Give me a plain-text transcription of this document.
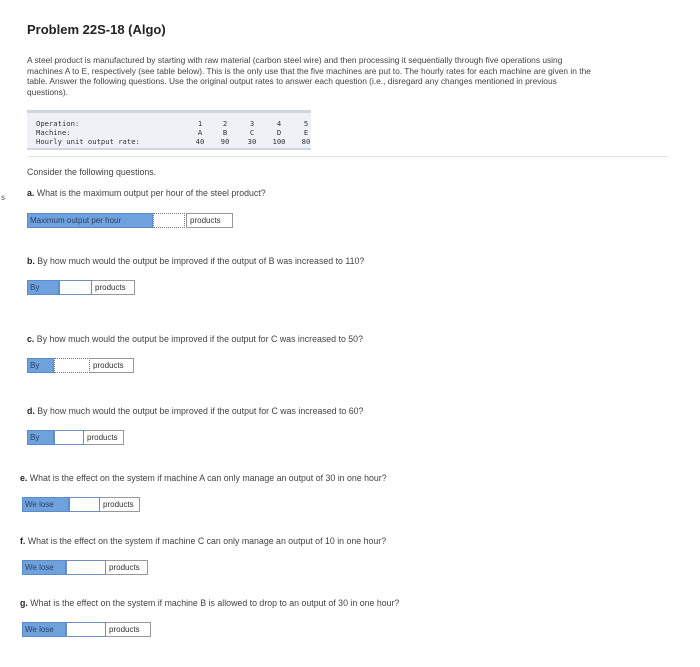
s
Problem 22S-18 (Algo)
A steel product is manufactured by starting with raw material (carbon steel wire) and then processing it sequentially through five operations using machines A to E, respectively (see table below). This is the only use that the five machines are put to. The hourly rates for each machine are given in the table. Answer the following questions. Use the original output rates to answer each question (i.e., disregard any changes mentioned in previous questions).
Operation:	1	2	3	4	5
Machine:	A	B	C	D	E
Hourly unit output rate:	40	90	30	100	80
Consider the following questions.
a. What is the maximum output per hour of the steel product?
Maximum output per hour	products
b. By how much would the output be improved if the output of B was increased to 110?
By	products
c. By how much would the output be improved if the output for C was increased to 50?
By	products
d. By how much would the output be improved if the output for C was increased to 60?
By	products
e. What is the effect on the system if machine A can only manage an output of 30 in one hour?
We lose	products
f. What is the effect on the system if machine C can only manage an output of 10 in one hour?
We lose	products
g. What is the effect on the system if machine B is allowed to drop to an output of 30 in one hour?
We lose	products
